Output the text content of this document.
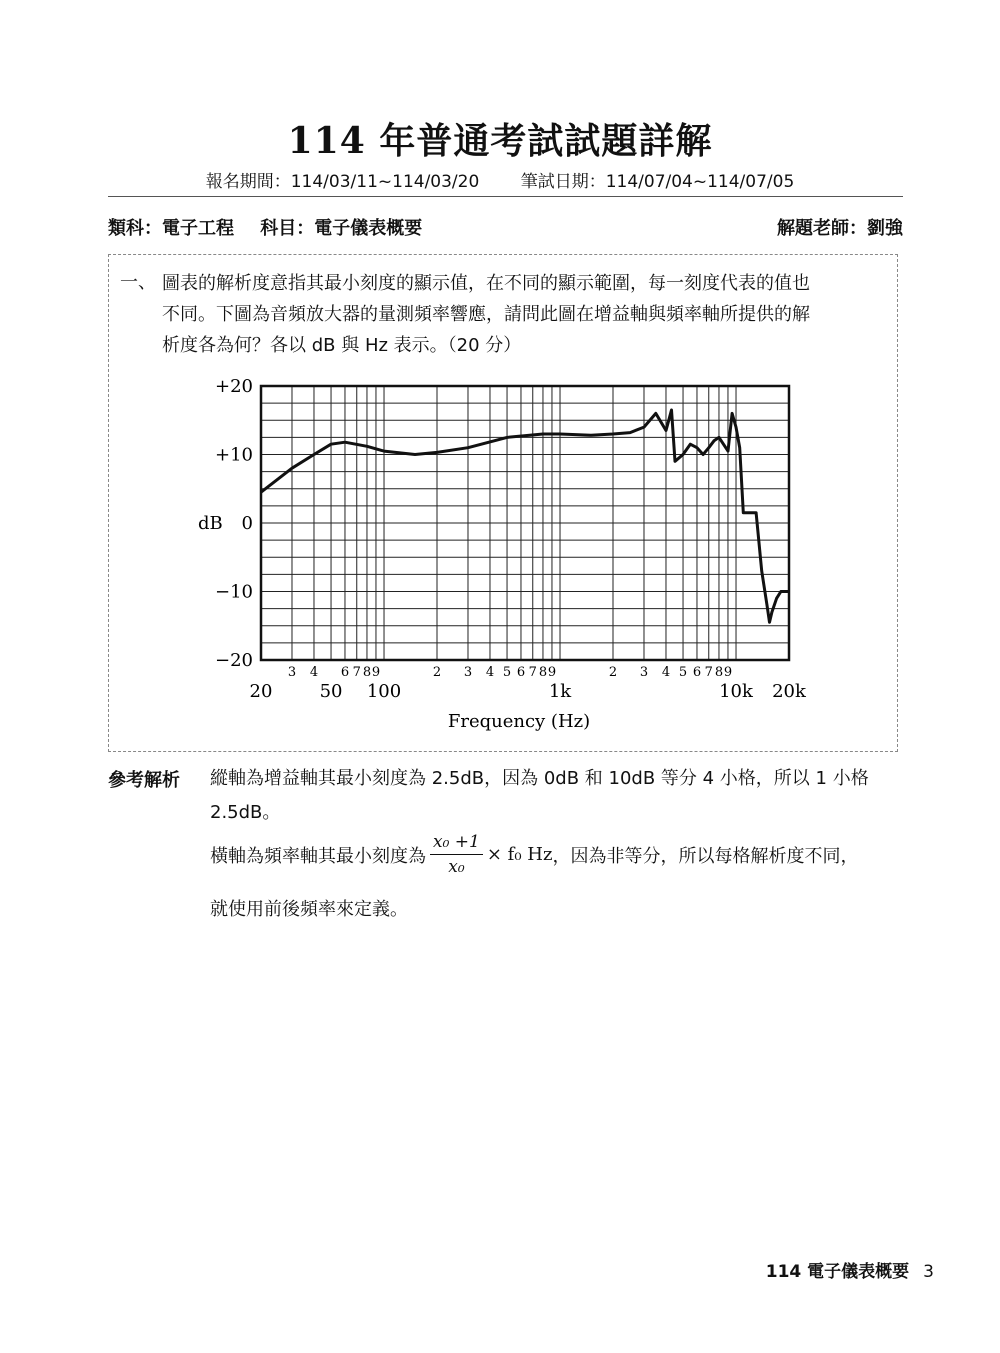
114 年普通考試試題詳解
報名期間：114/03/11~114/03/20 筆試日期：114/07/04~114/07/05
類科：電子工程 科目：電子儀表概要	解題老師：劉強
一、 圖表的解析度意指其最小刻度的顯示值，在不同的顯示範圍，每一刻度代表的值也
不同。下圖為音頻放大器的量測頻率響應，請問此圖在增益軸與頻率軸所提供的解
析度各為何？各以 dB 與 Hz 表示。（20 分）
+20
+10
0
−10
−20
dB
3 4 6 7 8 9	2 3 4 5 6 7 8 9	2 3 4 5 6 7 8 9
20	50 100	1k	10k 20k
Frequency (Hz)
參考解析 縱軸為增益軸其最小刻度為 2.5dB，因為 0dB 和 10dB 等分 4 小格，所以 1 小格
2.5dB。
橫軸為頻率軸其最小刻度為 $\frac{\text{x₀ +1}}{\text{x₀}} \times f_0$ Hz ，因為非等分，所以每格解析度不同，
就使用前後頻率來定義。
114 電子儀表概要 3
